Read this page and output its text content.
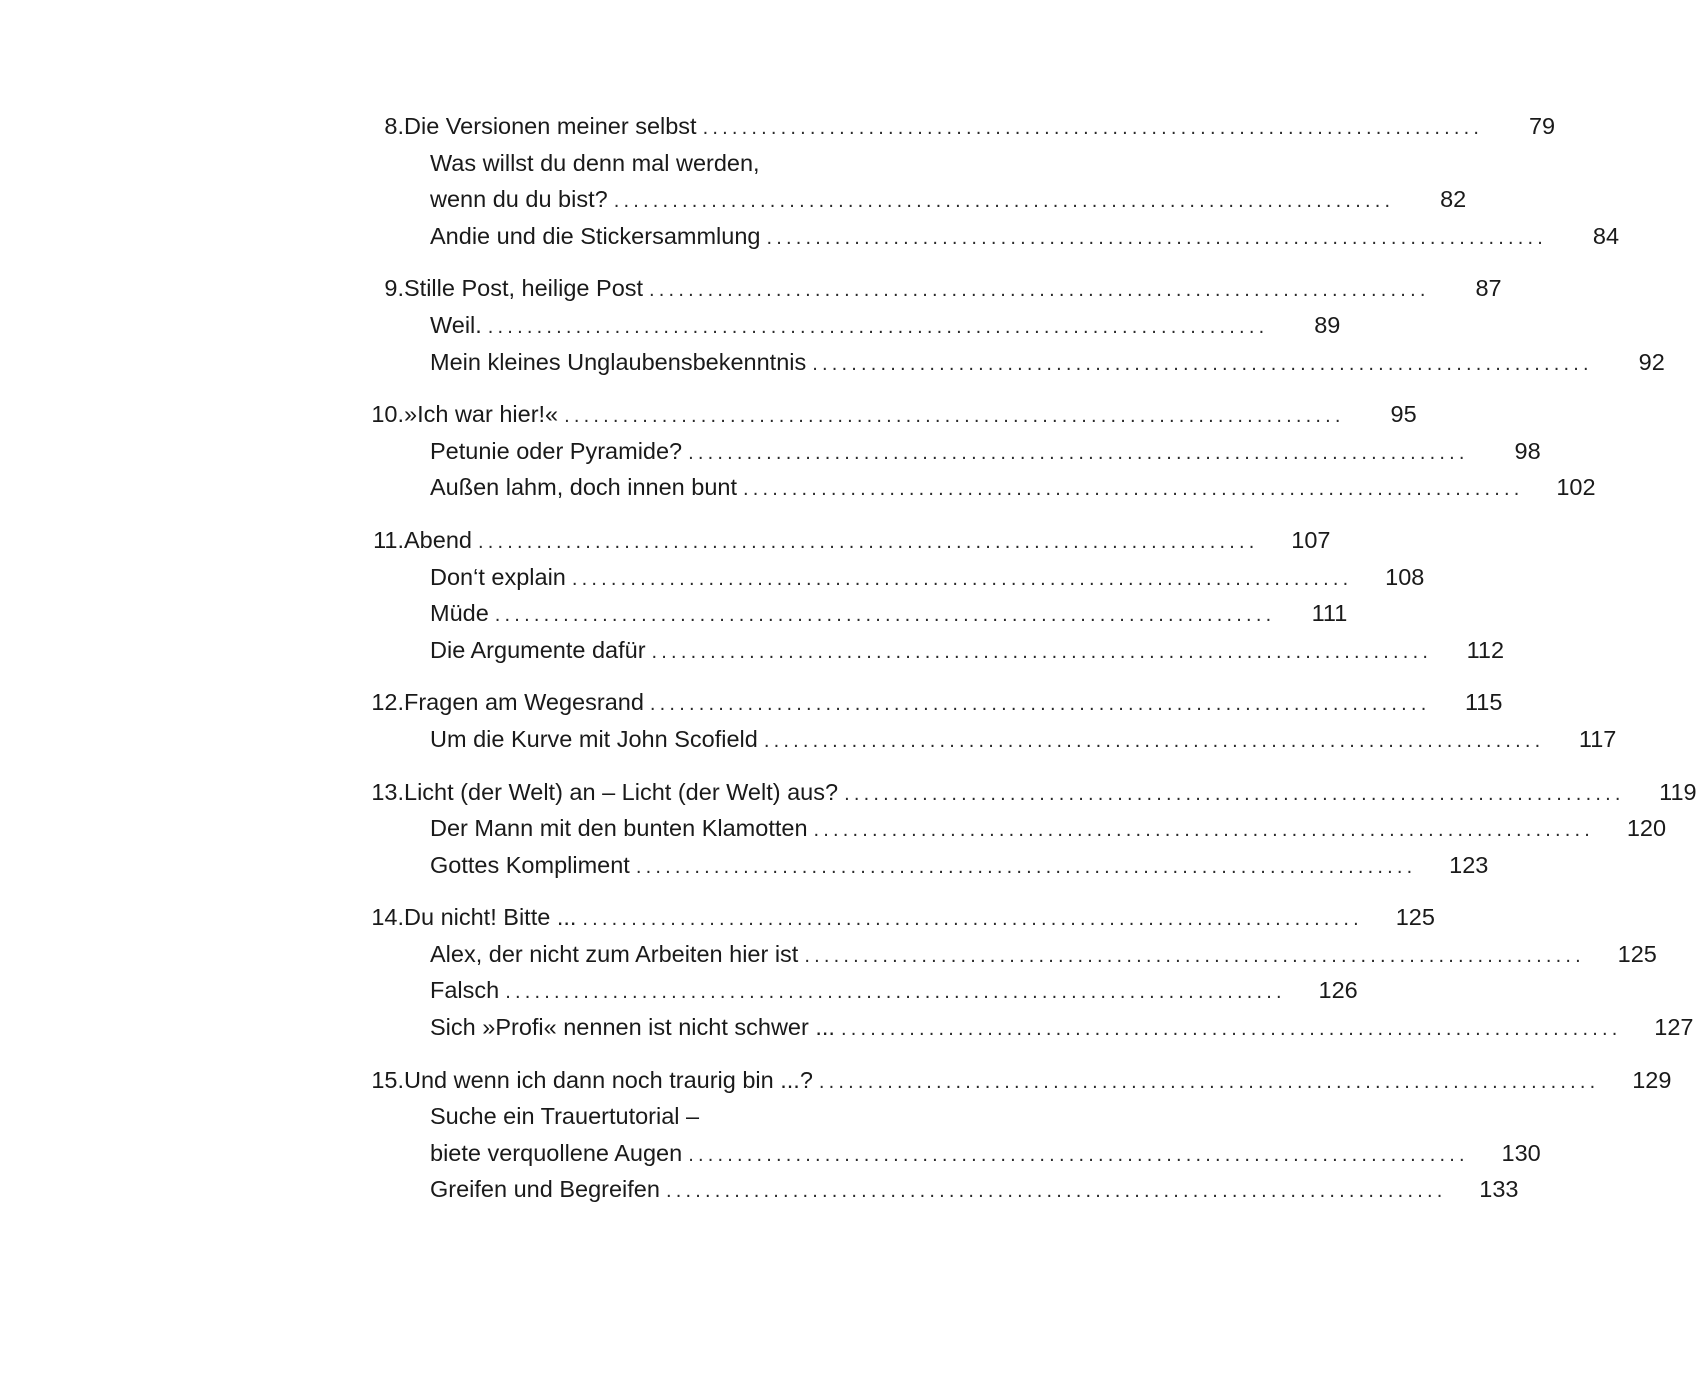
8. Die Versionen meiner selbst ................................................................................	79
Was willst du denn mal werden,
wenn du du bist? ................................................................................	82
Andie und die Stickersammlung ................................................................................	84
9. Stille Post, heilige Post ................................................................................	87
Weil. ................................................................................	89
Mein kleines Unglaubensbekenntnis ................................................................................	92
10. »Ich war hier!« ................................................................................	95
Petunie oder Pyramide? ................................................................................	98
Außen lahm, doch innen bunt ................................................................................	102
11. Abend ................................................................................	107
Don‘t explain ................................................................................	108
Müde ................................................................................	111
Die Argumente dafür ................................................................................	112
12. Fragen am Wegesrand ................................................................................	115
Um die Kurve mit John Scofield ................................................................................	117
13. Licht (der Welt) an – Licht (der Welt) aus? ................................................................................	119
Der Mann mit den bunten Klamotten ................................................................................	120
Gottes Kompliment ................................................................................	123
14. Du nicht! Bitte ... ................................................................................	125
Alex, der nicht zum Arbeiten hier ist ................................................................................	125
Falsch ................................................................................	126
Sich »Profi« nennen ist nicht schwer ... ................................................................................	127
15. Und wenn ich dann noch traurig bin ...? ................................................................................	129
Suche ein Trauertutorial –
biete verquollene Augen ................................................................................	130
Greifen und Begreifen ................................................................................	133
